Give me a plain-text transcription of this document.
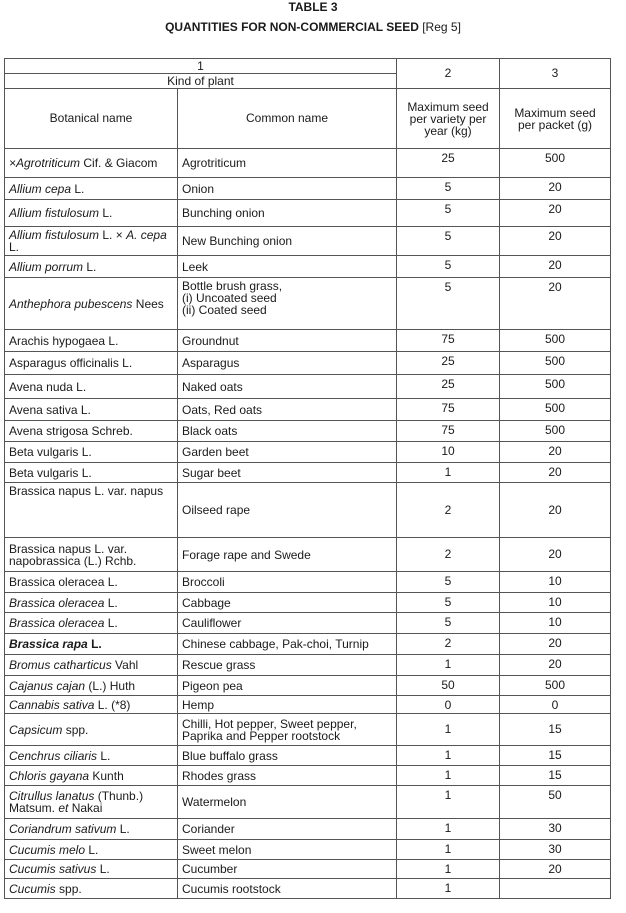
TABLE 3
QUANTITIES FOR NON-COMMERCIAL SEED [Reg 5]
1		2	3
Kind of plant			
Botanical name	Common name	Maximum seed per variety per year (kg)	Maximum seed per packet (g)
×Agrotriticum Cif. & Giacom	Agrotriticum	25	500
Allium cepa L.	Onion	5	20
Allium fistulosum L.	Bunching onion	5	20
Allium fistulosum L. × A. cepa L.	New Bunching onion	5	20
Allium porrum L.	Leek	5	20
Anthephora pubescens Nees	Bottle brush grass,
(i) Uncoated seed
(ii) Coated seed	5	20
Arachis hypogaea L.	Groundnut	75	500
Asparagus officinalis L.	Asparagus	25	500
Avena nuda L.	Naked oats	25	500
Avena sativa L.	Oats, Red oats	75	500
Avena strigosa Schreb.	Black oats	75	500
Beta vulgaris L.	Garden beet	10	20
Beta vulgaris L.	Sugar beet	1	20
Brassica napus L. var. napus	Oilseed rape	2	20
Brassica napus L. var. napobrassica (L.) Rchb.	Forage rape and Swede	2	20
Brassica oleracea L.	Broccoli	5	10
Brassica oleracea L.	Cabbage	5	10
Brassica oleracea L.	Cauliflower	5	10
Brassica rapa L.	Chinese cabbage, Pak-choi, Turnip	2	20
Bromus catharticus Vahl	Rescue grass	1	20
Cajanus cajan (L.) Huth	Pigeon pea	50	500
Cannabis sativa L. (*8)	Hemp	0	0
Capsicum spp.	Chilli, Hot pepper, Sweet pepper, Paprika and Pepper rootstock	1	15
Cenchrus ciliaris L.	Blue buffalo grass	1	15
Chloris gayana Kunth	Rhodes grass	1	15
Citrullus lanatus (Thunb.) Matsum. et Nakai	Watermelon	1	50
Coriandrum sativum L.	Coriander	1	30
Cucumis melo L.	Sweet melon	1	30
Cucumis sativus L.	Cucumber	1	20
Cucumis spp.	Cucumis rootstock	1	
